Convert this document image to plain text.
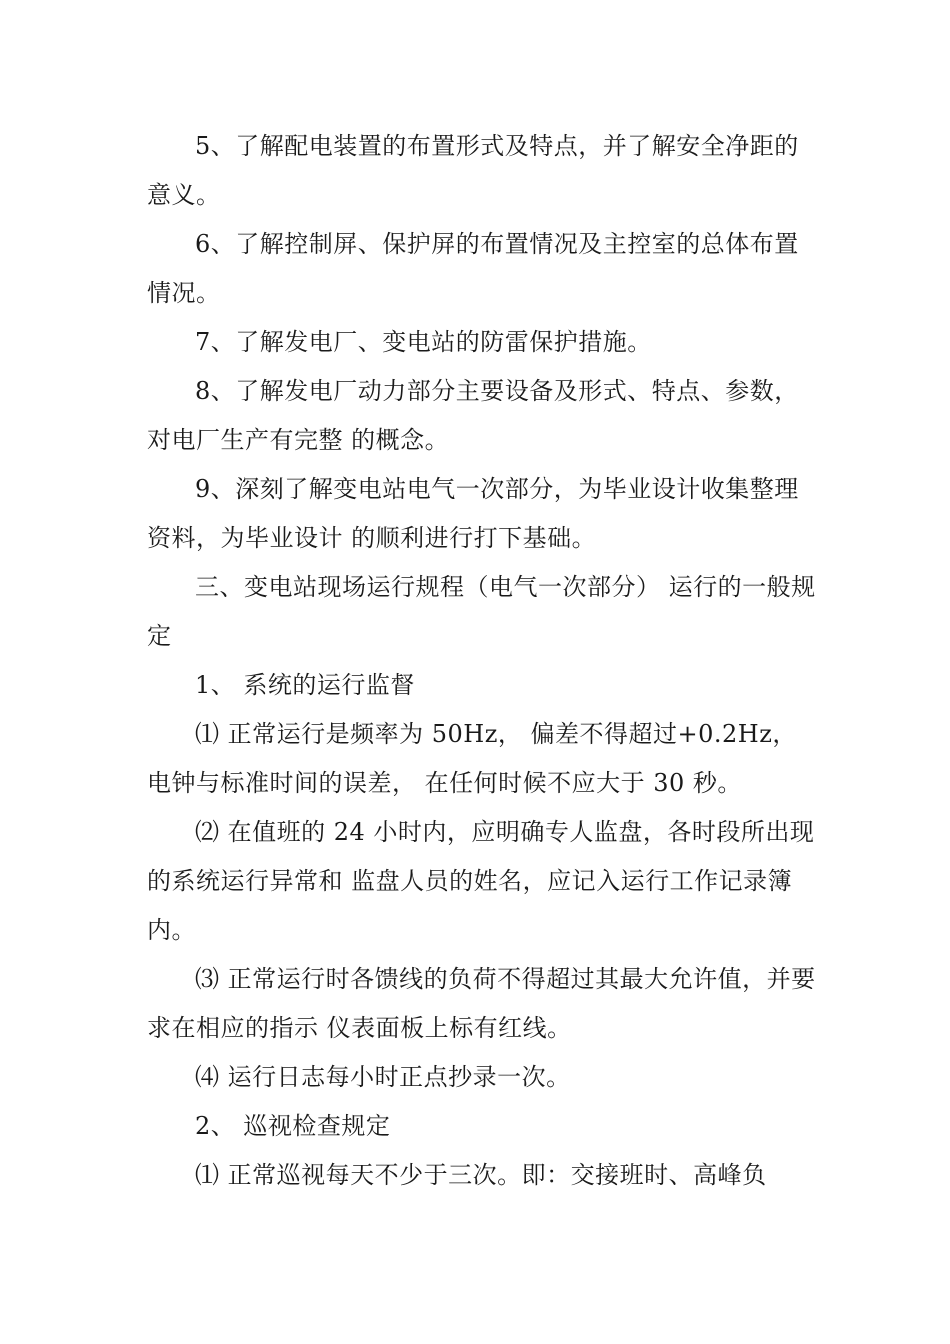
5、了解配电装置的布置形式及特点，并了解安全净距的意义。

6、了解控制屏、保护屏的布置情况及主控室的总体布置情况。

7、了解发电厂、变电站的防雷保护措施。

8、了解发电厂动力部分主要设备及形式、特点、参数，对电厂生产有完整 的概念。

9、深刻了解变电站电气一次部分，为毕业设计收集整理资料，为毕业设计 的顺利进行打下基础。

三、变电站现场运行规程（电气一次部分） 运行的一般规定

1、 系统的运行监督

⑴ 正常运行是频率为 50Hz， 偏差不得超过+0.2Hz，电钟与标准时间的误差， 在任何时候不应大于 30 秒。

⑵ 在值班的 24 小时内，应明确专人监盘，各时段所出现的系统运行异常和 监盘人员的姓名，应记入运行工作记录簿内。

⑶ 正常运行时各馈线的负荷不得超过其最大允许值，并要求在相应的指示 仪表面板上标有红线。

⑷ 运行日志每小时正点抄录一次。

2、 巡视检查规定

⑴ 正常巡视每天不少于三次。即：交接班时、高峰负
